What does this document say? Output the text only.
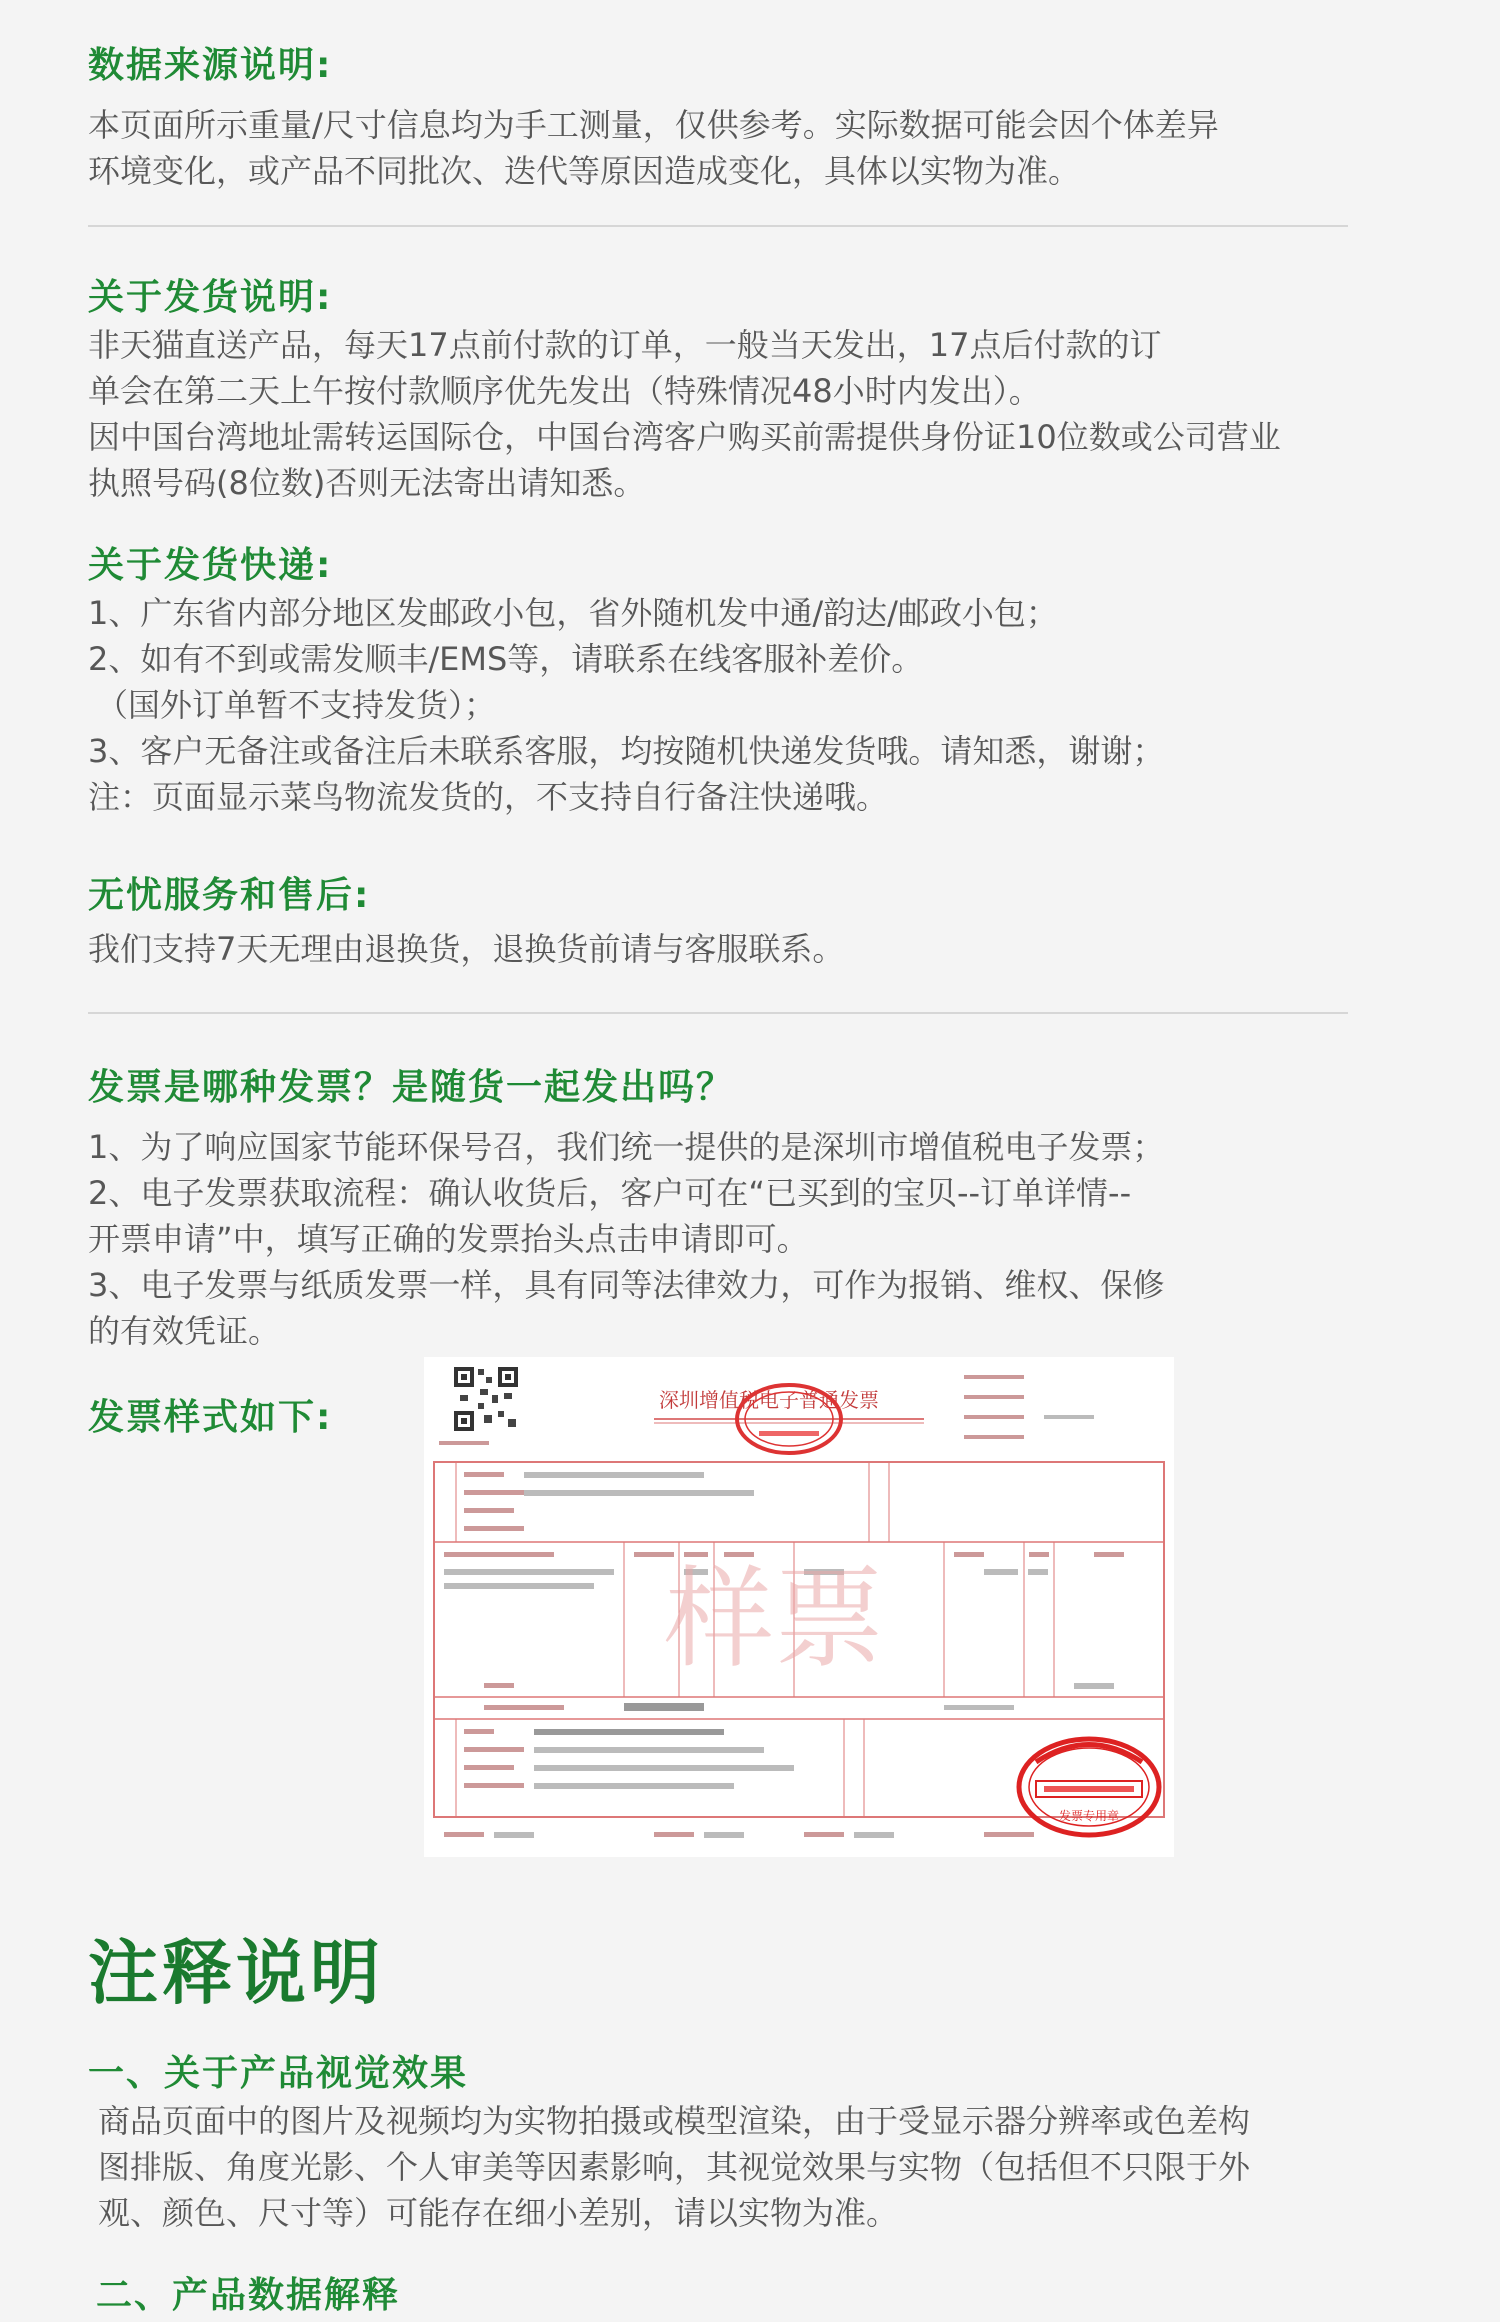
数据来源说明:

本页面所示重量/尺寸信息均为手工测量，仅供参考。实际数据可能会因个体差异

环境变化，或产品不同批次、迭代等原因造成变化，具体以实物为准。

关于发货说明:

非天猫直送产品，每天17点前付款的订单，一般当天发出，17点后付款的订

单会在第二天上午按付款顺序优先发出（特殊情况48小时内发出）。

因中国台湾地址需转运国际仓，中国台湾客户购买前需提供身份证10位数或公司营业

执照号码(8位数)否则无法寄出请知悉。

关于发货快递:

1、广东省内部分地区发邮政小包，省外随机发中通/韵达/邮政小包；

2、如有不到或需发顺丰/EMS等，请联系在线客服补差价。

（国外订单暂不支持发货）；

3、客户无备注或备注后未联系客服，均按随机快递发货哦。请知悉，谢谢；

注：页面显示菜鸟物流发货的，不支持自行备注快递哦。

无忧服务和售后:

我们支持7天无理由退换货，退换货前请与客服联系。

发票是哪种发票？是随货一起发出吗？

1、为了响应国家节能环保号召，我们统一提供的是深圳市增值税电子发票；

2、电子发票获取流程：确认收货后，客户可在“已买到的宝贝--订单详情--

开票申请”中，填写正确的发票抬头点击申请即可。

3、电子发票与纸质发票一样，具有同等法律效力，可作为报销、维权、保修

的有效凭证。

发票样式如下:	深圳增值税电子普通发票
样票
发票专用章
注释说明
一、关于产品视觉效果

商品页面中的图片及视频均为实物拍摄或模型渲染，由于受显示器分辨率或色差构

图排版、角度光影、个人审美等因素影响，其视觉效果与实物（包括但不只限于外

观、颜色、尺寸等）可能存在细小差别，请以实物为准。

二、产品数据解释
